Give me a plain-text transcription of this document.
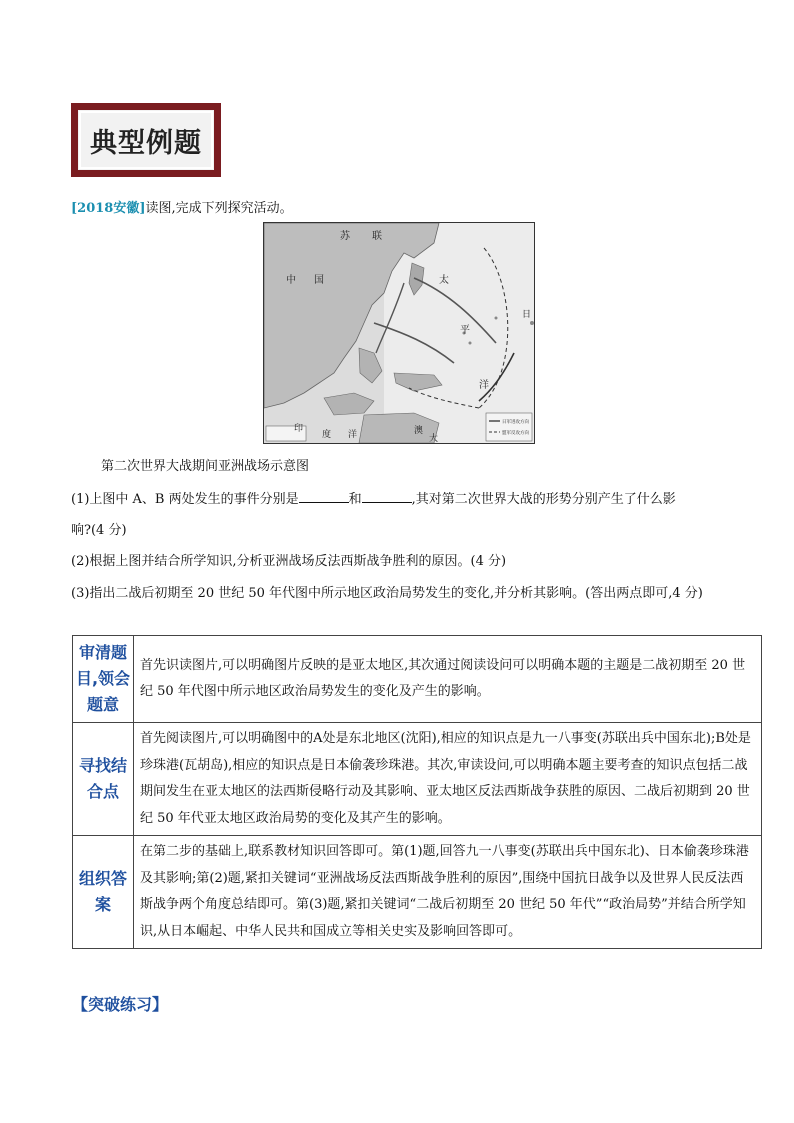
典型例题
[2018安徽]读图,完成下列探究活动。
日军进攻方向
盟军反攻方向
苏 联
中 国	太
平
洋
日
澳
大
印
度 洋
第二次世界大战期间亚洲战场示意图
(1)上图中 A、B 两处发生的事件分别是	和	,其对第二次世界大战的形势分别产生了什么影
响?(4 分)
(2)根据上图并结合所学知识,分析亚洲战场反法西斯战争胜利的原因。(4 分)
(3)指出二战后初期至 20 世纪 50 年代图中所示地区政治局势发生的变化,并分析其影响。(答出两点即可,4 分)
审清题目,领会题意	首先识读图片,可以明确图片反映的是亚太地区,其次通过阅读设问可以明确本题的主题是二战初期至 20 世纪 50 年代图中所示地区政治局势发生的变化及产生的影响。
寻找结合点	首先阅读图片,可以明确图中的A处是东北地区(沈阳),相应的知识点是九一八事变(苏联出兵中国东北);B处是珍珠港(瓦胡岛),相应的知识点是日本偷袭珍珠港。其次,审读设问,可以明确本题主要考查的知识点包括二战期间发生在亚太地区的法西斯侵略行动及其影响、亚太地区反法西斯战争获胜的原因、二战后初期到 20 世纪 50 年代亚太地区政治局势的变化及其产生的影响。
组织答案	在第二步的基础上,联系教材知识回答即可。第(1)题,回答九一八事变(苏联出兵中国东北)、日本偷袭珍珠港及其影响;第(2)题,紧扣关键词“亚洲战场反法西斯战争胜利的原因”,围绕中国抗日战争以及世界人民反法西斯战争两个角度总结即可。第(3)题,紧扣关键词“二战后初期至 20 世纪 50 年代”“政治局势”并结合所学知识,从日本崛起、中华人民共和国成立等相关史实及影响回答即可。
【突破练习】
